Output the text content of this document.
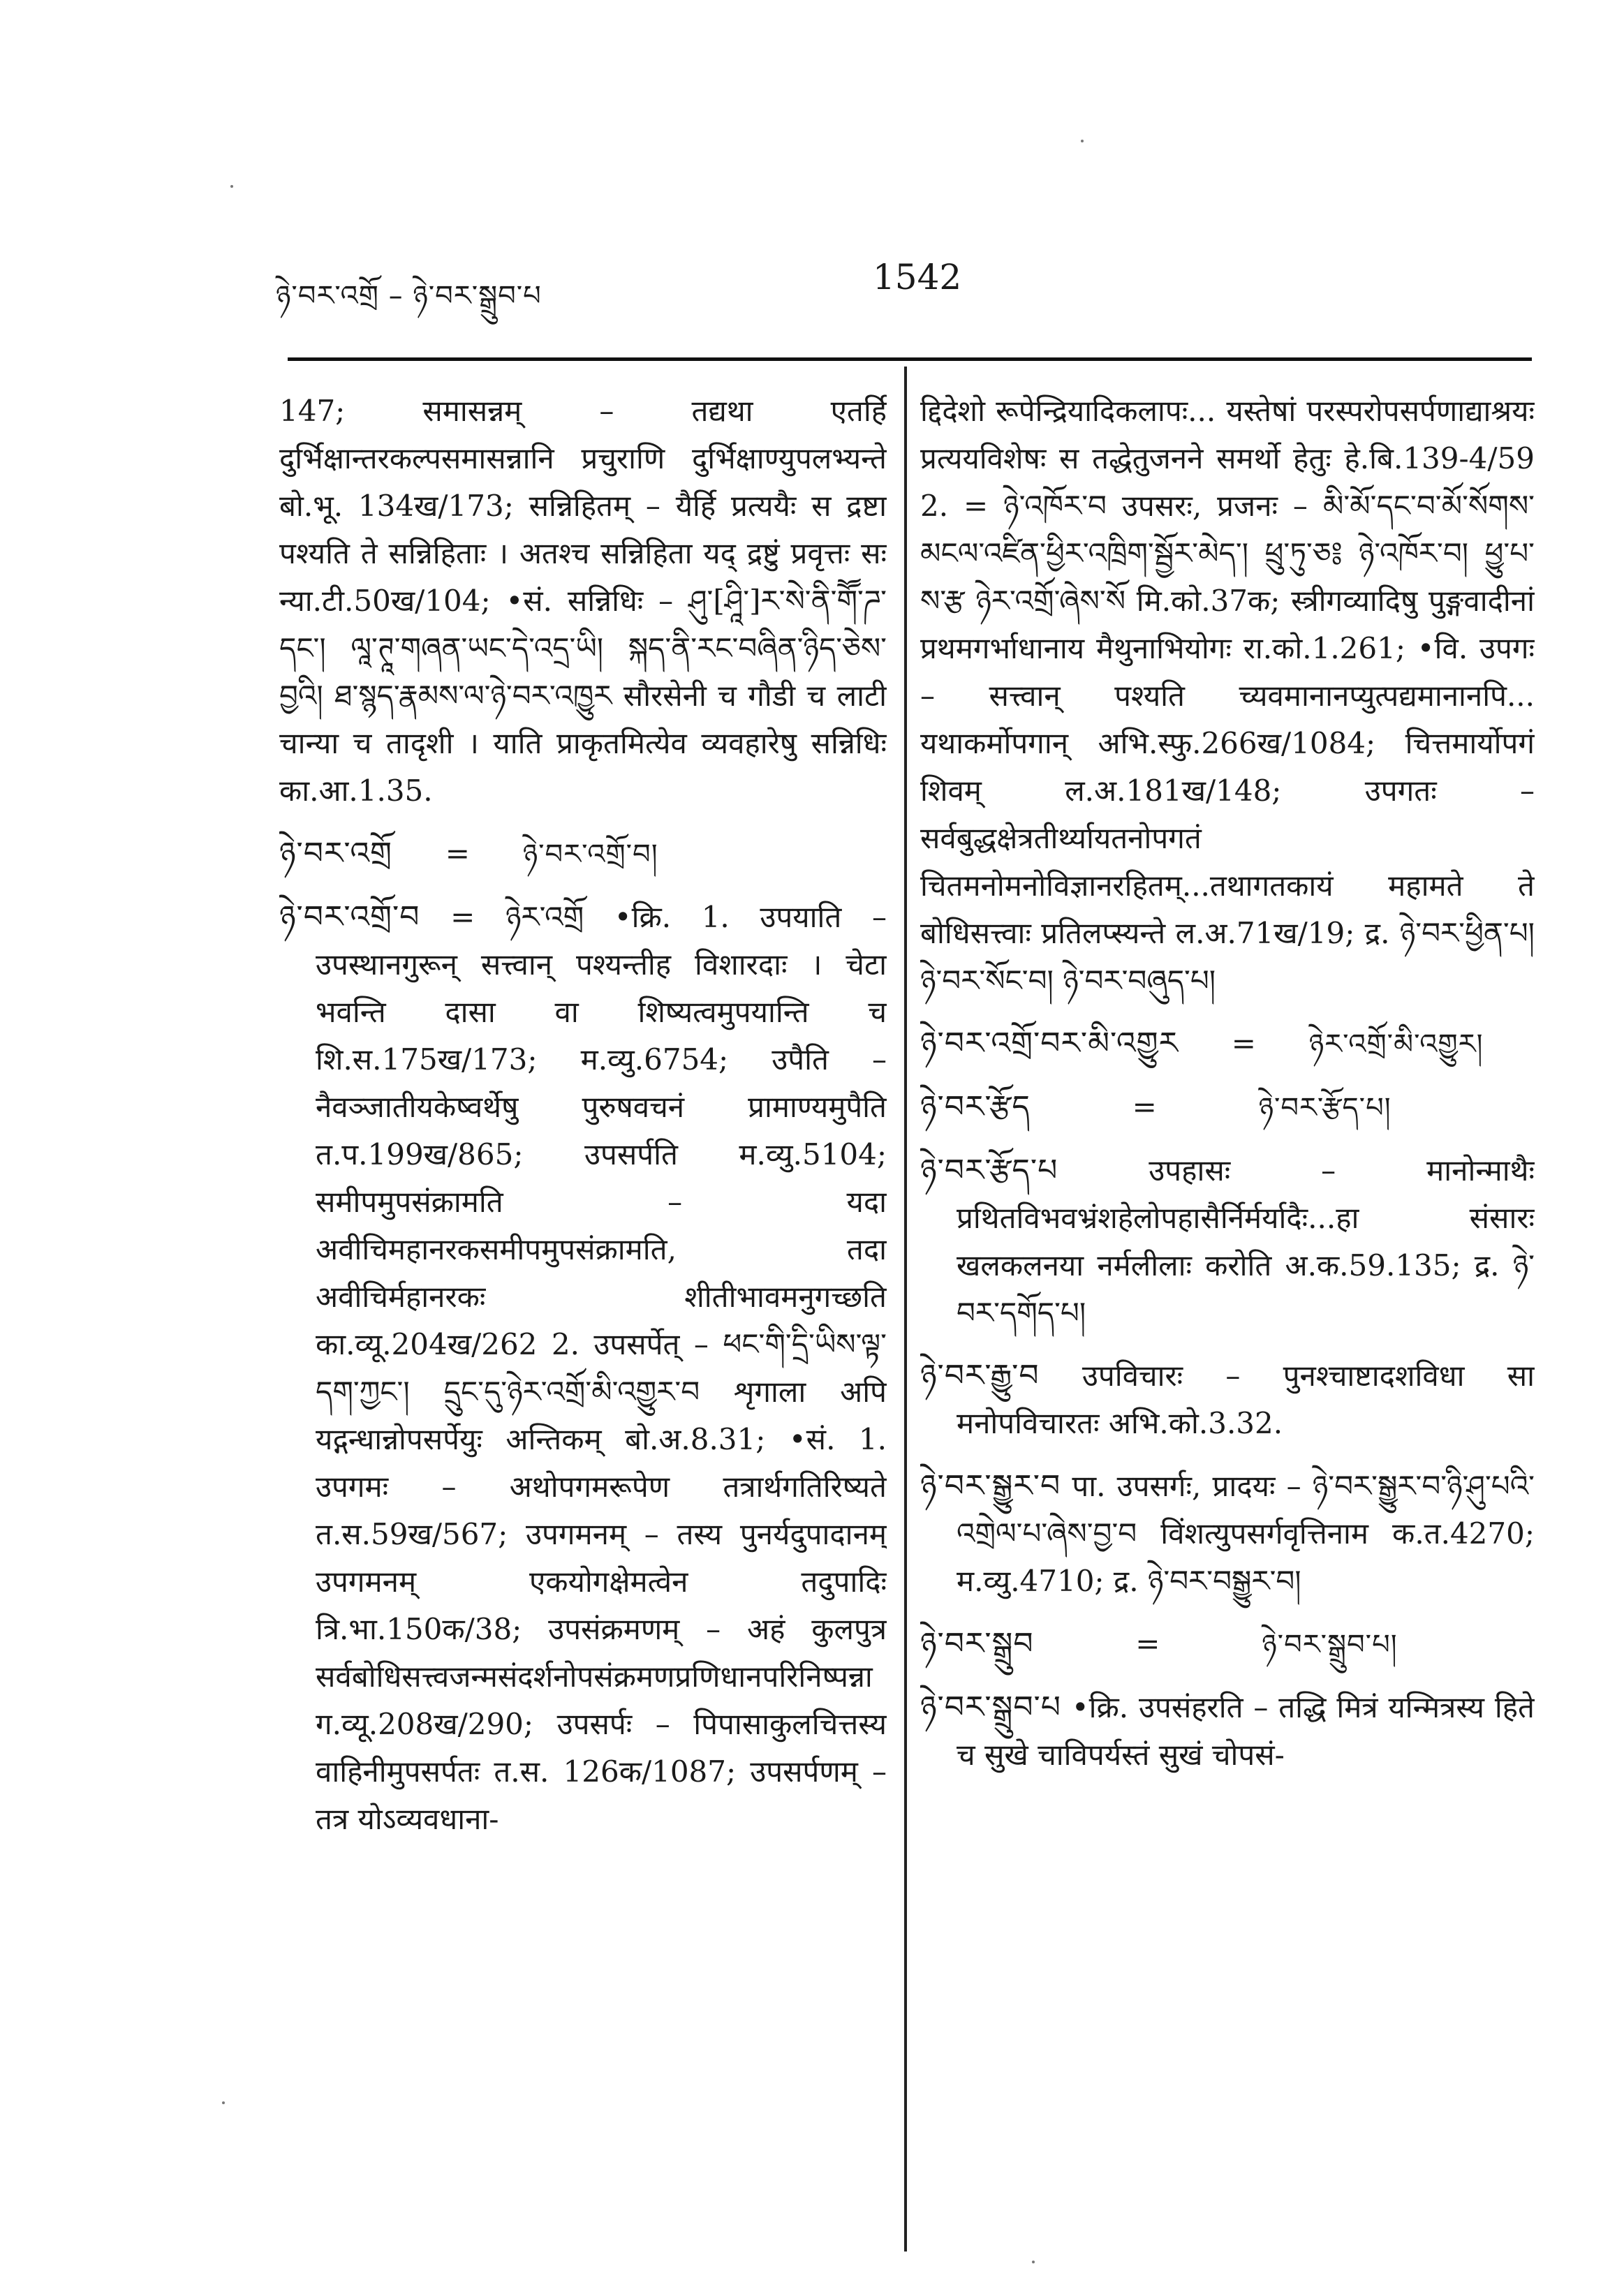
ཉེ་བར་འགྲོ – ཉེ་བར་སྒྲུབ་པ	1542
147; समासन्नम् – तद्यथा एतर्हि दुर्भिक्षान्तरकल्पसमासन्नानि प्रचुराणि दुर्भिक्षाण्युपलभ्यन्ते बो.भू. 134ख/173; सन्निहितम् – यैर्हि प्रत्ययैः स द्रष्टा पश्यति ते सन्निहिताः । अतश्च सन्निहिता यद् द्रष्टुं प्रवृत्तः सः न्या.टी.50ख/104; •सं. सन्निधिः – ཤུ་[ཤཱི་]ར་སེ་ནི་གཽ་ཌ་དང་། ལཱ་ཊཱ་གཞན་ཡང་དེ་འདྲ་ཡི། སྐད་ནི་རང་བཞིན་ཉིད་ཅེས་བྱའི། ཐ་སྙད་རྣམས་ལ་ཉེ་བར་འཁྱུར सौरसेनी च गौडी च लाटी चान्या च तादृशी । याति प्राकृतमित्येव व्यवहारेषु सन्निधिः का.आ.1.35.
ཉེ་བར་འགྲོ = ཉེ་བར་འགྲོ་བ།
ཉེ་བར་འགྲོ་བ = ཉེར་འགྲོ •क्रि. 1. उपयाति – उपस्थानगुरून् सत्त्वान् पश्यन्तीह विशारदाः । चेटा भवन्ति दासा वा शिष्यत्वमुपयान्ति च शि.स.175ख/173; म.व्यु.6754; उपैति – नैवञ्जातीयकेष्वर्थेषु पुरुषवचनं प्रामाण्यमुपैति त.प.199ख/865; उपसर्पति म.व्यु.5104; समीपमुपसंक्रामति – यदा अवीचिमहानरकसमीपमुपसंक्रामति, तदा अवीचिर्महानरकः शीतीभावमनुगच्छति का.व्यू.204ख/262 2. उपसर्पेत् – ཕང་གི་དྲི་ཡིས་ལྟ་དག་ཀྱང་། དྲུང་དུ་ཉེར་འགྲོ་མི་འགྱུར་བ शृगाला अपि यद्गन्धान्नोपसर्पेयुः अन्तिकम् बो.अ.8.31; •सं. 1. उपगमः – अथोपगमरूपेण तत्रार्थगतिरिष्यते त.स.59ख/567; उपगमनम् – तस्य पुनर्यदुपादानम् उपगमनम् एकयोगक्षेमत्वेन तदुपादिः त्रि.भा.150क/38; उपसंक्रमणम् – अहं कुलपुत्र सर्वबोधिसत्त्वजन्मसंदर्शनोपसंक्रमणप्रणिधानपरिनिष्पन्ना ग.व्यू.208ख/290; उपसर्पः – पिपासाकुलचित्तस्य वाहिनीमुपसर्पतः त.स. 126क/1087; उपसर्पणम् – तत्र योऽव्यवधाना-
द्दिदेशो रूपेन्द्रियादिकलापः... यस्तेषां परस्परोपसर्पणाद्याश्रयः प्रत्ययविशेषः स तद्धेतुजनने समर्थो हेतुः हे.बि.139-4/59 2. = ཉེ་འཁོར་བ उपसरः, प्रजनः – མི་མོ་དང་བ་མོ་སོགས་མངལ་འཛིན་ཕྱིར་འཁྲིག་སྦྱོར་མེད་། ཕྲུ་ཏུ་ཅ༔ ཉེ་འཁོར་བ། ཕྱུ་པ་ས་རྩ ཉེར་འགྲོ་ཞེས་སོ मि.को.37क; स्त्रीगव्यादिषु पुङ्गवादीनां प्रथमगर्भाधानाय मैथुनाभियोगः रा.को.1.261; •वि. उपगः – सत्त्वान् पश्यति च्यवमानानप्युत्पद्यमानानपि... यथाकर्मोपगान् अभि.स्फु.266ख/1084; चित्तमार्योपगं शिवम् ल.अ.181ख/148; उपगतः – सर्वबुद्धक्षेत्रतीर्थ्यायतनोपगतं चितमनोमनोविज्ञानरहितम्...तथागतकायं महामते ते बोधिसत्त्वाः प्रतिलप्स्यन्ते ल.अ.71ख/19; द्र. ཉེ་བར་ཕྱིན་པ། ཉེ་བར་སོང་བ། ཉེ་བར་བཞུད་པ།
ཉེ་བར་འགྲོ་བར་མི་འགྱུར = ཉེར་འགྲོ་མི་འགྱུར།
ཉེ་བར་རྩོད	=	ཉེ་བར་རྩོད་པ།
ཉེ་བར་རྩོད་པ	उपहासः – मानोन्माथैः प्रथितविभवभ्रंशहेलोपहासैर्निर्मर्यादैः...हा संसारः खलकलनया नर्मलीलाः करोति अ.क.59.135; द्र. ཉེ་བར་དགོད་པ།
ཉེ་བར་རྒྱུ་བ उपविचारः – पुनश्चाष्टादशविधा सा मनोपविचारतः अभि.को.3.32.
ཉེ་བར་སྒྱུར་བ पा. उपसर्गः, प्रादयः – ཉེ་བར་སྒྱུར་བ་ཉི་ཤུ་པའི་འགྲེལ་པ་ཞེས་བྱ་བ विंशत्युपसर्गवृत्तिनाम क.त.4270; म.व्यु.4710; द्र. ཉེ་བར་བསྒྱུར་བ།
ཉེ་བར་སྒྲུབ	=	ཉེ་བར་སྒྲུབ་པ།
ཉེ་བར་སྒྲུབ་པ •क्रि. उपसंहरति – तद्धि मित्रं यन्मित्रस्य हिते च सुखे चाविपर्यस्तं सुखं चोपसं-
